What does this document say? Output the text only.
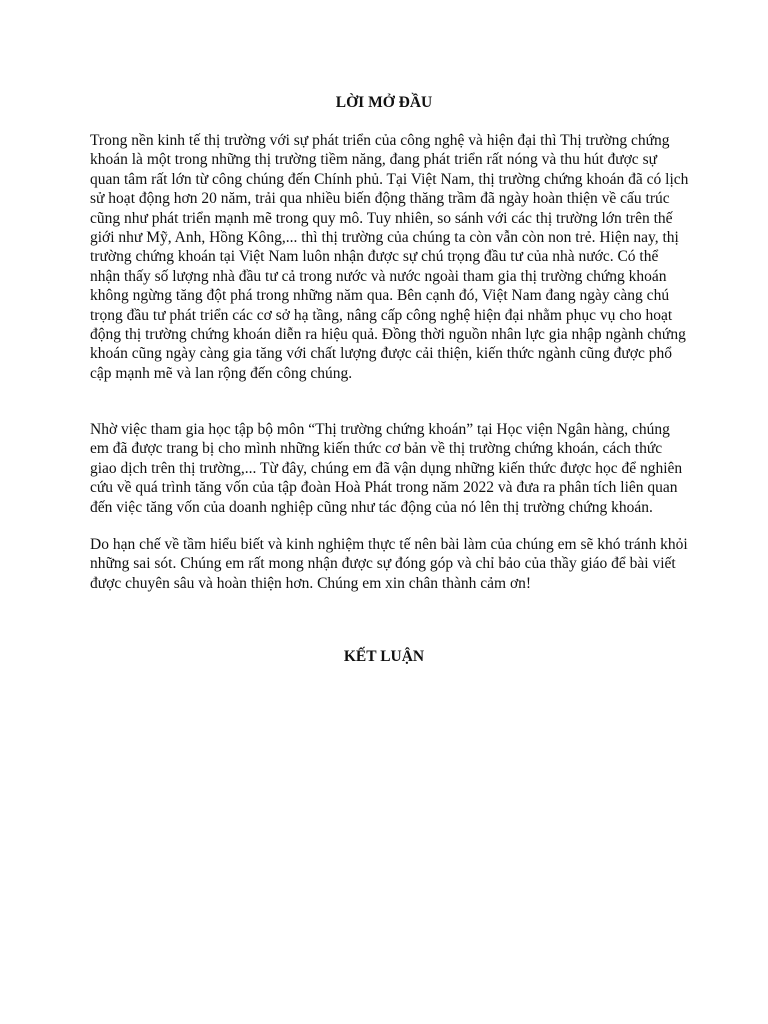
LỜI MỞ ĐẦU

Trong nền kinh tế thị trường với sự phát triển của công nghệ và hiện đại thì Thị trường chứng khoán là một trong những thị trường tiềm năng, đang phát triển rất nóng và thu hút được sự quan tâm rất lớn từ công chúng đến Chính phủ. Tại Việt Nam, thị trường chứng khoán đã có lịch sử hoạt động hơn 20 năm, trải qua nhiều biến động thăng trầm đã ngày hoàn thiện về cấu trúc cũng như phát triển mạnh mẽ trong quy mô. Tuy nhiên, so sánh với các thị trường lớn trên thế giới như Mỹ, Anh, Hồng Kông,... thì thị trường của chúng ta còn vẫn còn non trẻ. Hiện nay, thị trường chứng khoán tại Việt Nam luôn nhận được sự chú trọng đầu tư của nhà nước. Có thể nhận thấy số lượng nhà đầu tư cả trong nước và nước ngoài tham gia thị trường chứng khoán không ngừng tăng đột phá trong những năm qua. Bên cạnh đó, Việt Nam đang ngày càng chú trọng đầu tư phát triển các cơ sở hạ tầng, nâng cấp công nghệ hiện đại nhằm phục vụ cho hoạt động thị trường chứng khoán diễn ra hiệu quả. Đồng thời nguồn nhân lực gia nhập ngành chứng khoán cũng ngày càng gia tăng với chất lượng được cải thiện, kiến thức ngành cũng được phổ cập mạnh mẽ và lan rộng đến công chúng.

Nhờ việc tham gia học tập bộ môn “Thị trường chứng khoán” tại Học viện Ngân hàng, chúng em đã được trang bị cho mình những kiến thức cơ bản về thị trường chứng khoán, cách thức giao dịch trên thị trường,... Từ đây, chúng em đã vận dụng những kiến thức được học để nghiên cứu về quá trình tăng vốn của tập đoàn Hoà Phát trong năm 2022 và đưa ra phân tích liên quan đến việc tăng vốn của doanh nghiệp cũng như tác động của nó lên thị trường chứng khoán.

Do hạn chế về tầm hiểu biết và kinh nghiệm thực tế nên bài làm của chúng em sẽ khó tránh khỏi những sai sót. Chúng em rất mong nhận được sự đóng góp và chỉ bảo của thầy giáo để bài viết được chuyên sâu và hoàn thiện hơn. Chúng em xin chân thành cảm ơn!

KẾT LUẬN
